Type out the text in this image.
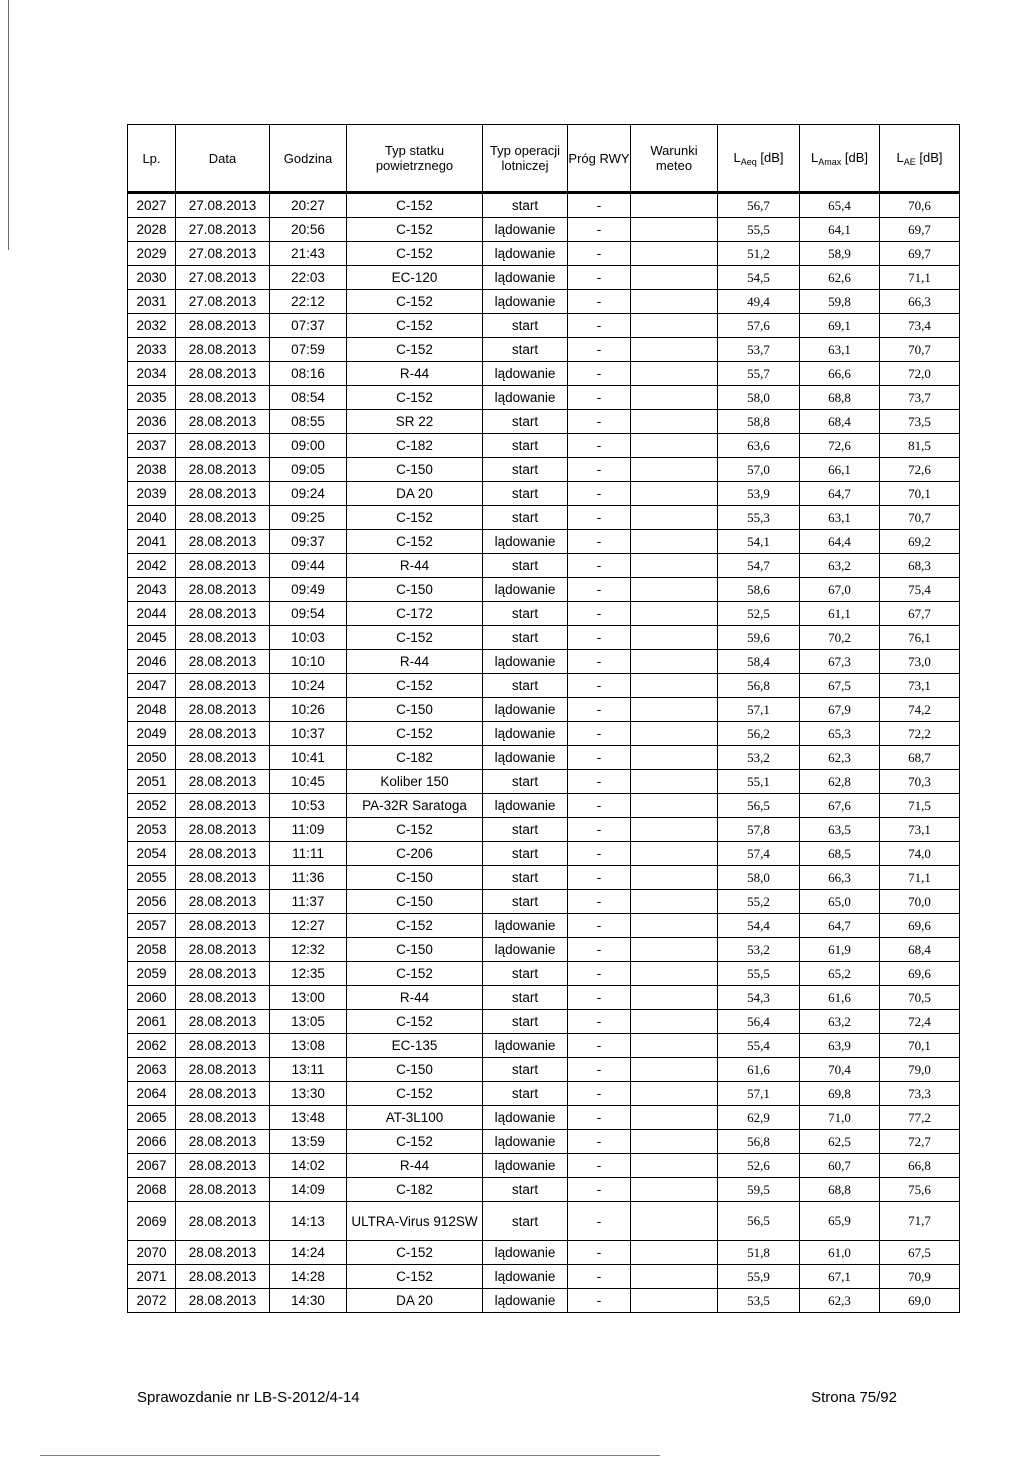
Lp.	Data	Godzina	Typ statku powietrznego	Typ operacji lotniczej	Próg RWY	Warunki meteo	$L_{Aeq}$ [dB]	$L_{Amax}$ [dB]	$L_{AE}$ [dB]
2027	27.08.2013	20:27	C-152	start	-		56,7	65,4	70,6
2028	27.08.2013	20:56	C-152	lądowanie	-		55,5	64,1	69,7
2029	27.08.2013	21:43	C-152	lądowanie	-		51,2	58,9	69,7
2030	27.08.2013	22:03	EC-120	lądowanie	-		54,5	62,6	71,1
2031	27.08.2013	22:12	C-152	lądowanie	-		49,4	59,8	66,3
2032	28.08.2013	07:37	C-152	start	-		57,6	69,1	73,4
2033	28.08.2013	07:59	C-152	start	-		53,7	63,1	70,7
2034	28.08.2013	08:16	R-44	lądowanie	-		55,7	66,6	72,0
2035	28.08.2013	08:54	C-152	lądowanie	-		58,0	68,8	73,7
2036	28.08.2013	08:55	SR 22	start	-		58,8	68,4	73,5
2037	28.08.2013	09:00	C-182	start	-		63,6	72,6	81,5
2038	28.08.2013	09:05	C-150	start	-		57,0	66,1	72,6
2039	28.08.2013	09:24	DA 20	start	-		53,9	64,7	70,1
2040	28.08.2013	09:25	C-152	start	-		55,3	63,1	70,7
2041	28.08.2013	09:37	C-152	lądowanie	-		54,1	64,4	69,2
2042	28.08.2013	09:44	R-44	start	-		54,7	63,2	68,3
2043	28.08.2013	09:49	C-150	lądowanie	-		58,6	67,0	75,4
2044	28.08.2013	09:54	C-172	start	-		52,5	61,1	67,7
2045	28.08.2013	10:03	C-152	start	-		59,6	70,2	76,1
2046	28.08.2013	10:10	R-44	lądowanie	-		58,4	67,3	73,0
2047	28.08.2013	10:24	C-152	start	-		56,8	67,5	73,1
2048	28.08.2013	10:26	C-150	lądowanie	-		57,1	67,9	74,2
2049	28.08.2013	10:37	C-152	lądowanie	-		56,2	65,3	72,2
2050	28.08.2013	10:41	C-182	lądowanie	-		53,2	62,3	68,7
2051	28.08.2013	10:45	Koliber 150	start	-		55,1	62,8	70,3
2052	28.08.2013	10:53	PA-32R Saratoga	lądowanie	-		56,5	67,6	71,5
2053	28.08.2013	11:09	C-152	start	-		57,8	63,5	73,1
2054	28.08.2013	11:11	C-206	start	-		57,4	68,5	74,0
2055	28.08.2013	11:36	C-150	start	-		58,0	66,3	71,1
2056	28.08.2013	11:37	C-150	start	-		55,2	65,0	70,0
2057	28.08.2013	12:27	C-152	lądowanie	-		54,4	64,7	69,6
2058	28.08.2013	12:32	C-150	lądowanie	-		53,2	61,9	68,4
2059	28.08.2013	12:35	C-152	start	-		55,5	65,2	69,6
2060	28.08.2013	13:00	R-44	start	-		54,3	61,6	70,5
2061	28.08.2013	13:05	C-152	start	-		56,4	63,2	72,4
2062	28.08.2013	13:08	EC-135	lądowanie	-		55,4	63,9	70,1
2063	28.08.2013	13:11	C-150	start	-		61,6	70,4	79,0
2064	28.08.2013	13:30	C-152	start	-		57,1	69,8	73,3
2065	28.08.2013	13:48	AT-3L100	lądowanie	-		62,9	71,0	77,2
2066	28.08.2013	13:59	C-152	lądowanie	-		56,8	62,5	72,7
2067	28.08.2013	14:02	R-44	lądowanie	-		52,6	60,7	66,8
2068	28.08.2013	14:09	C-182	start	-		59,5	68,8	75,6
2069	28.08.2013	14:13	ULTRA-Virus 912SW	start	-		56,5	65,9	71,7
2070	28.08.2013	14:24	C-152	lądowanie	-		51,8	61,0	67,5
2071	28.08.2013	14:28	C-152	lądowanie	-		55,9	67,1	70,9
2072	28.08.2013	14:30	DA 20	lądowanie	-		53,5	62,3	69,0
Sprawozdanie nr LB-S-2012/4-14	Strona 75/92
